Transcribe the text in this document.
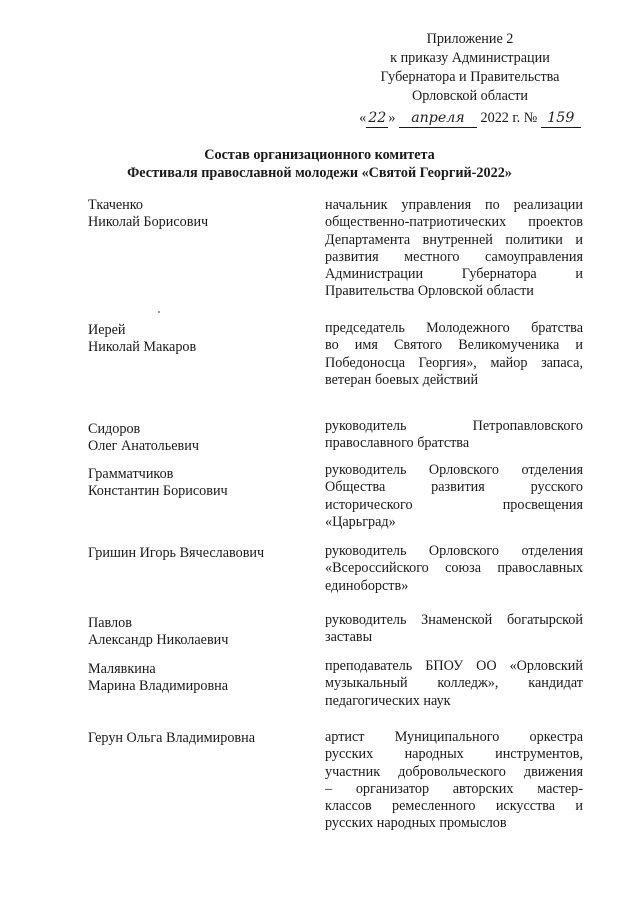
Приложение 2
к приказу Администрации
Губернатора и Правительства
Орловской области
« 22 » апреля 2022 г. № 159
Состав организационного комитета
Фестиваля православной молодежи «Святой Георгий-2022»
Ткаченко
Николай Борисович
начальник управления по реализации
общественно-патриотических проектов
Департамента внутренней политики и
развития местного самоуправления
Администрации Губернатора и
Правительства Орловской области
Иерей
Николай Макаров
председатель Молодежного братства
во имя Святого Великомученика и
Победоносца Георгия», майор запаса,
ветеран боевых действий
Сидоров
Олег Анатольевич
руководитель Петропавловского
православного братства
Грамматчиков
Константин Борисович
руководитель Орловского отделения
Общества развития русского
исторического просвещения
«Царьград»
Гришин Игорь Вячеславович	руководитель Орловского отделения
«Всероссийского союза православных
единоборств»
Павлов
Александр Николаевич
руководитель Знаменской богатырской
заставы
Малявкина
Марина Владимировна
преподаватель БПОУ ОО «Орловский
музыкальный колледж», кандидат
педагогических наук
Герун Ольга Владимировна	артист Муниципального оркестра
русских народных инструментов,
участник добровольческого движения
– организатор авторских мастер-
классов ремесленного искусства и
русских народных промыслов
